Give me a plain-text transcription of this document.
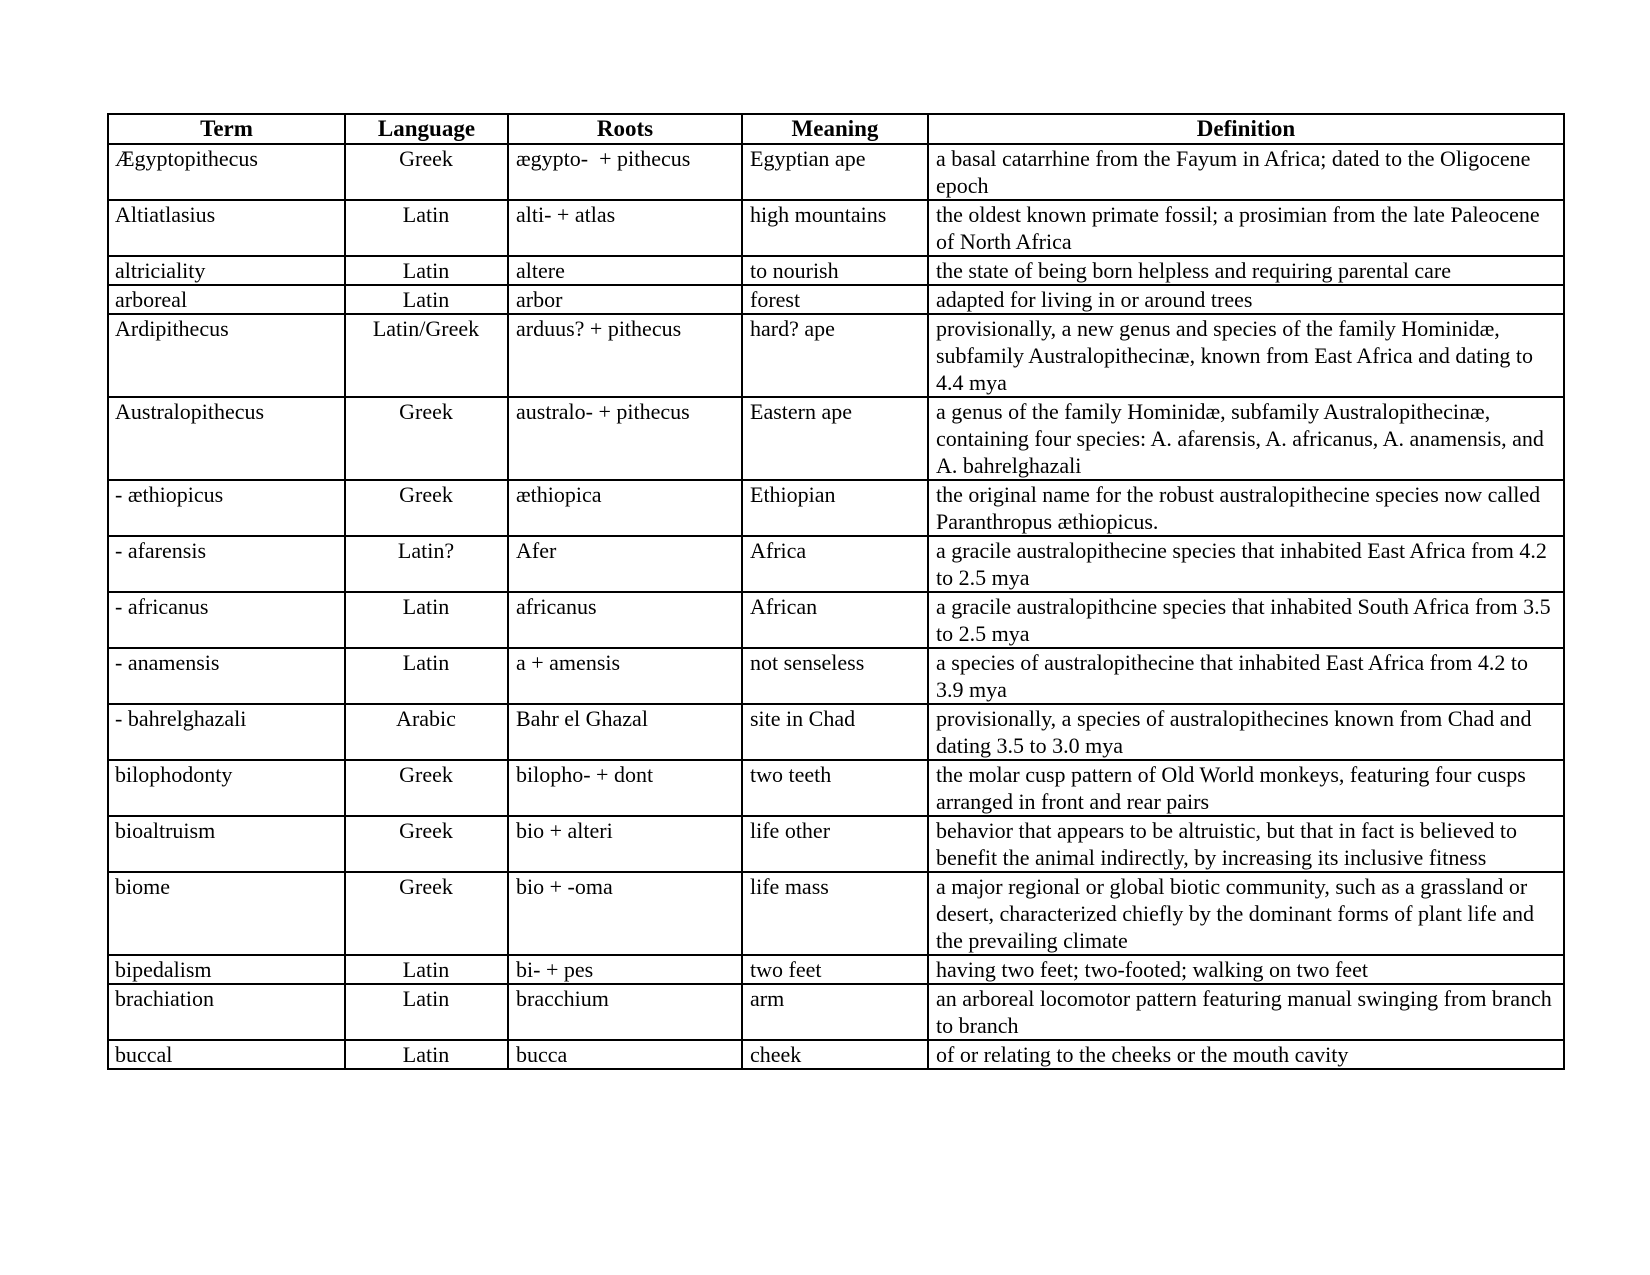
Term	Language	Roots	Meaning	Definition
Ægyptopithecus	Greek	ægypto-  + pithecus	Egyptian ape	a basal catarrhine from the Fayum in Africa; dated to the Oligocene epoch
Altiatlasius	Latin	alti- + atlas	high mountains	the oldest known primate fossil; a prosimian from the late Paleocene of North Africa
altriciality	Latin	altere	to nourish	the state of being born helpless and requiring parental care
arboreal	Latin	arbor	forest	adapted for living in or around trees
Ardipithecus	Latin/Greek	arduus? + pithecus	hard? ape	provisionally, a new genus and species of the family Hominidæ, subfamily Australopithecinæ, known from East Africa and dating to 4.4 mya
Australopithecus	Greek	australo- + pithecus	Eastern ape	a genus of the family Hominidæ, subfamily Australopithecinæ, containing four species: A. afarensis, A. africanus, A. anamensis, and A. bahrelghazali
- æthiopicus	Greek	æthiopica	Ethiopian	the original name for the robust australopithecine species now called Paranthropus æthiopicus.
- afarensis	Latin?	Afer	Africa	a gracile australopithecine species that inhabited East Africa from 4.2 to 2.5 mya
- africanus	Latin	africanus	African	a gracile australopithcine species that inhabited South Africa from 3.5 to 2.5 mya
- anamensis	Latin	a + amensis	not senseless	a species of australopithecine that inhabited East Africa from 4.2 to 3.9 mya
- bahrelghazali	Arabic	Bahr el Ghazal	site in Chad	provisionally, a species of australopithecines known from Chad and dating 3.5 to 3.0 mya
bilophodonty	Greek	bilopho- + dont	two teeth	the molar cusp pattern of Old World monkeys, featuring four cusps arranged in front and rear pairs
bioaltruism	Greek	bio + alteri	life other	behavior that appears to be altruistic, but that in fact is believed to benefit the animal indirectly, by increasing its inclusive fitness
biome	Greek	bio + -oma	life mass	a major regional or global biotic community, such as a grassland or desert, characterized chiefly by the dominant forms of plant life and the prevailing climate
bipedalism	Latin	bi- + pes	two feet	having two feet; two-footed; walking on two feet
brachiation	Latin	bracchium	arm	an arboreal locomotor pattern featuring manual swinging from branch to branch
buccal	Latin	bucca	cheek	of or relating to the cheeks or the mouth cavity
